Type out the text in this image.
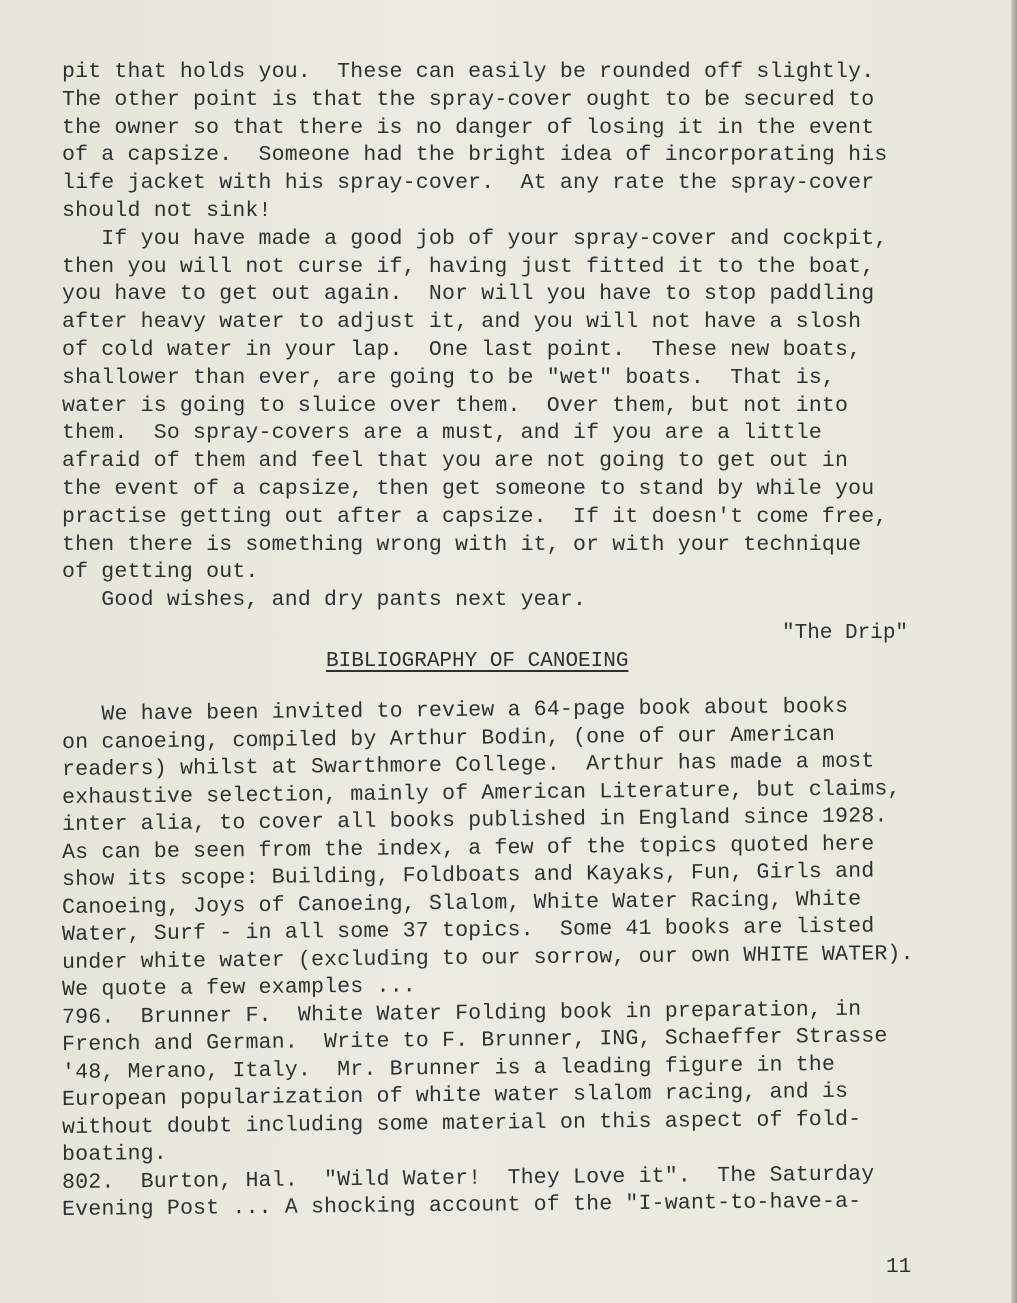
pit that holds you.  These can easily be rounded off slightly.
The other point is that the spray-cover ought to be secured to
the owner so that there is no danger of losing it in the event
of a capsize.  Someone had the bright idea of incorporating his
life jacket with his spray-cover.  At any rate the spray-cover
should not sink!
If you have made a good job of your spray-cover and cockpit,
then you will not curse if, having just fitted it to the boat,
you have to get out again.  Nor will you have to stop paddling
after heavy water to adjust it, and you will not have a slosh
of cold water in your lap.  One last point.  These new boats,
shallower than ever, are going to be "wet" boats.  That is,
water is going to sluice over them.  Over them, but not into
them.  So spray-covers are a must, and if you are a little
afraid of them and feel that you are not going to get out in
the event of a capsize, then get someone to stand by while you
practise getting out after a capsize.  If it doesn't come free,
then there is something wrong with it, or with your technique
of getting out.
Good wishes, and dry pants next year.
"The Drip"
BIBLIOGRAPHY OF CANOEING
We have been invited to review a 64-page book about books
on canoeing, compiled by Arthur Bodin, (one of our American
readers) whilst at Swarthmore College.  Arthur has made a most
exhaustive selection, mainly of American Literature, but claims,
inter alia, to cover all books published in England since 1928.
As can be seen from the index, a few of the topics quoted here
show its scope: Building, Foldboats and Kayaks, Fun, Girls and
Canoeing, Joys of Canoeing, Slalom, White Water Racing, White
Water, Surf - in all some 37 topics.  Some 41 books are listed
under white water (excluding to our sorrow, our own WHITE WATER).
We quote a few examples ...
796.  Brunner F.  White Water Folding book in preparation, in
French and German.  Write to F. Brunner, ING, Schaeffer Strasse
'48, Merano, Italy.  Mr. Brunner is a leading figure in the
European popularization of white water slalom racing, and is
without doubt including some material on this aspect of fold-
boating.
802.  Burton, Hal.  "Wild Water!  They Love it".  The Saturday
Evening Post ... A shocking account of the "I-want-to-have-a-
11
